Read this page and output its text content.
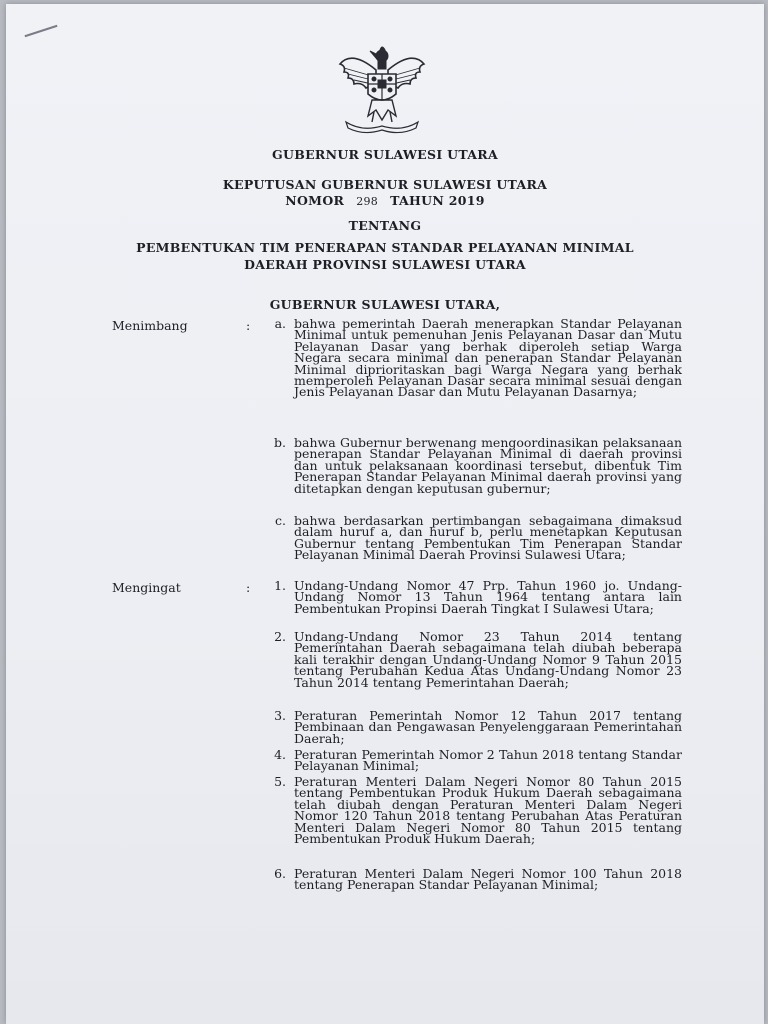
GUBERNUR SULAWESI UTARA
KEPUTUSAN GUBERNUR SULAWESI UTARA
NOMOR 298 TAHUN 2019
TENTANG
PEMBENTUKAN TIM PENERAPAN STANDAR PELAYANAN MINIMAL
DAERAH PROVINSI SULAWESI UTARA
GUBERNUR SULAWESI UTARA,
Menimbang	:	a. bahwa pemerintah Daerah menerapkan Standar Pelayanan Minimal untuk pemenuhan Jenis Pelayanan Dasar dan Mutu Pelayanan Dasar yang berhak diperoleh setiap Warga Negara secara minimal dan penerapan Standar Pelayanan Minimal diprioritaskan bagi Warga Negara yang berhak memperoleh Pelayanan Dasar secara minimal sesuai dengan Jenis Pelayanan Dasar dan Mutu Pelayanan Dasarnya;
b. bahwa Gubernur berwenang mengoordinasikan pelaksanaan penerapan Standar Pelayanan Minimal di daerah provinsi dan untuk pelaksanaan koordinasi tersebut, dibentuk Tim Penerapan Standar Pelayanan Minimal daerah provinsi yang ditetapkan dengan keputusan gubernur;
c. bahwa berdasarkan pertimbangan sebagaimana dimaksud dalam huruf a, dan huruf b, perlu menetapkan Keputusan Gubernur tentang Pembentukan Tim Penerapan Standar Pelayanan Minimal Daerah Provinsi Sulawesi Utara;
Mengingat	:	1. Undang-Undang Nomor 47 Prp. Tahun 1960 jo. Undang-Undang Nomor 13 Tahun 1964 tentang antara lain Pembentukan Propinsi Daerah Tingkat I Sulawesi Utara;
2. Undang-Undang Nomor 23 Tahun 2014 tentang Pemerintahan Daerah sebagaimana telah diubah beberapa kali terakhir dengan Undang-Undang Nomor 9 Tahun 2015 tentang Perubahan Kedua Atas Undang-Undang Nomor 23 Tahun 2014 tentang Pemerintahan Daerah;
3. Peraturan Pemerintah Nomor 12 Tahun 2017 tentang Pembinaan dan Pengawasan Penyelenggaraan Pemerintahan Daerah;
4. Peraturan Pemerintah Nomor 2 Tahun 2018 tentang Standar Pelayanan Minimal;
5. Peraturan Menteri Dalam Negeri Nomor 80 Tahun 2015 tentang Pembentukan Produk Hukum Daerah sebagaimana telah diubah dengan Peraturan Menteri Dalam Negeri Nomor 120 Tahun 2018 tentang Perubahan Atas Peraturan Menteri Dalam Negeri Nomor 80 Tahun 2015 tentang Pembentukan Produk Hukum Daerah;
6. Peraturan Menteri Dalam Negeri Nomor 100 Tahun 2018 tentang Penerapan Standar Pelayanan Minimal;
